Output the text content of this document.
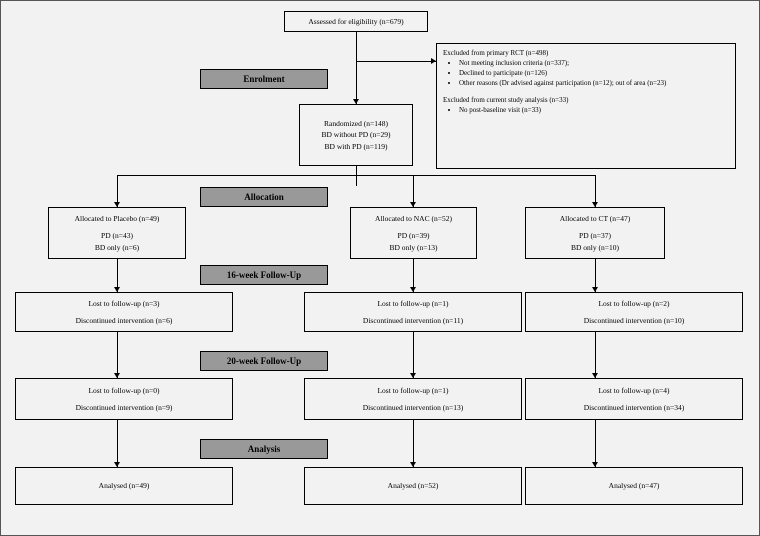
Assessed for eligibility (n=679)
Excluded from primary RCT (n=498)
• Not meeting inclusion criteria (n=337);
• Declined to participate (n=126)
• Other reasons (Dr advised against participation (n=12); out of area (n=23)
Excluded from current study analysis (n=33)
• No post-baseline visit (n=33)
Randomized (n=148)
BD without PD (n=29)
BD with PD (n=119)
Allocated to Placebo (n=49)
PD (n=43)
BD only (n=6)
Allocated to NAC (n=52)
PD (n=39)
BD only (n=13)
Allocated to CT (n=47)
PD (n=37)
BD only (n=10)
Lost to follow-up (n=3)
Discontinued intervention (n=6)
Lost to follow-up (n=1)
Discontinued intervention (n=11)
Lost to follow-up (n=2)
Discontinued intervention (n=10)
Lost to follow-up (n=0)
Discontinued intervention (n=9)
Lost to follow-up (n=1)
Discontinued intervention (n=13)
Lost to follow-up (n=4)
Discontinued intervention (n=34)
Analysed (n=49)	Analysed (n=52)	Analysed (n=47)
Enrolment
Allocation
16-week Follow-Up
20-week Follow-Up
Analysis
